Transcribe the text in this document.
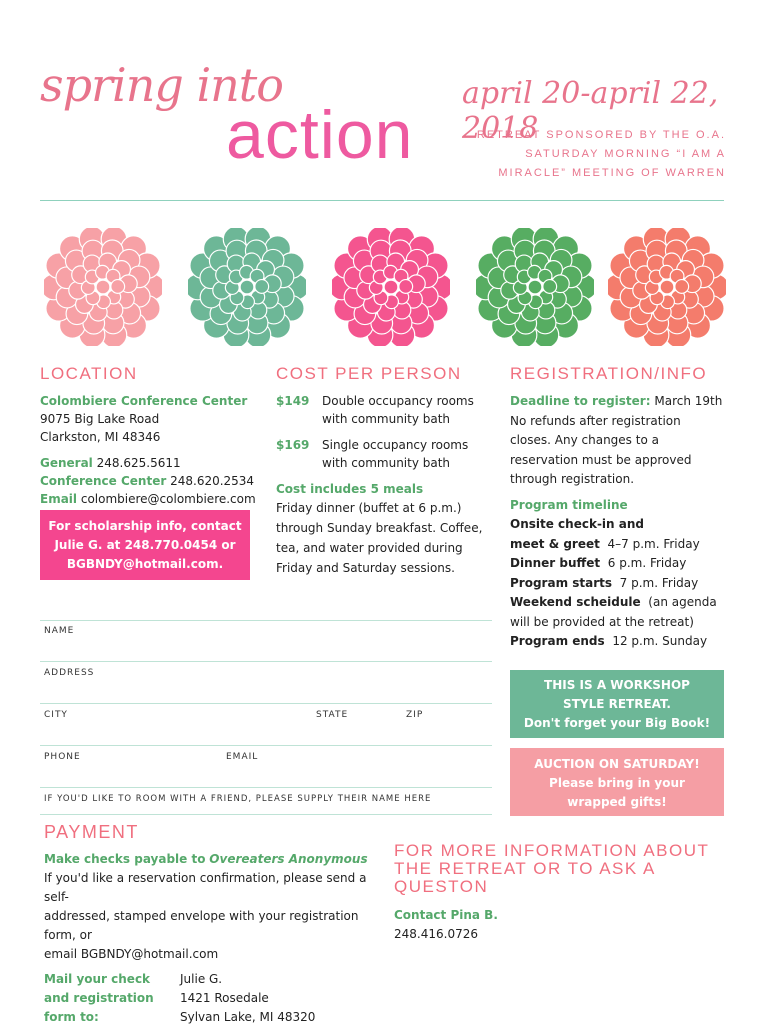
spring into
action
april 20-april 22, 2018
RETREAT SPONSORED BY THE O.A.
SATURDAY MORNING “I AM A
MIRACLE” MEETING OF WARREN
LOCATION
Colombiere Conference Center
9075 Big Lake Road
Clarkston, MI 48346
General 248.625.5611
Conference Center 248.620.2534
Email colombiere@colombiere.com
For scholarship info, contact
Julie G. at 248.770.0454 or
BGBNDY@hotmail.com.
COST PER PERSON
$149	Double occupancy rooms
with community bath
$169	Single occupancy rooms
with community bath
Cost includes 5 meals
Friday dinner (buffet at 6 p.m.)
through Sunday breakfast. Coffee,
tea, and water provided during
Friday and Saturday sessions.
REGISTRATION/INFO
Deadline to register: March 19th
No refunds after registration
closes. Any changes to a
reservation must be approved
through registration.
Program timeline
Onsite check-in and
meet & greet 4–7 p.m. Friday
Dinner buffet 6 p.m. Friday
Program starts 7 p.m. Friday
Weekend scheidule (an agenda
will be provided at the retreat)
Program ends 12 p.m. Sunday
NAME
ADDRESS
CITY	STATE	ZIP
PHONE	EMAIL
IF YOU'D LIKE TO ROOM WITH A FRIEND, PLEASE SUPPLY THEIR NAME HERE
THIS IS A WORKSHOP
STYLE RETREAT.
Don't forget your Big Book!
AUCTION ON SATURDAY!
Please bring in your
wrapped gifts!
PAYMENT
Make checks payable to Overeaters Anonymous
If you'd like a reservation confirmation, please send a self-
addressed, stamped envelope with your registration form, or
email BGBNDY@hotmail.com
Mail your check
and registration
form to:
Julie G.
1421 Rosedale
Sylvan Lake, MI 48320
FOR MORE INFORMATION ABOUT
THE RETREAT OR TO ASK A
QUESTON
Contact Pina B.
248.416.0726
